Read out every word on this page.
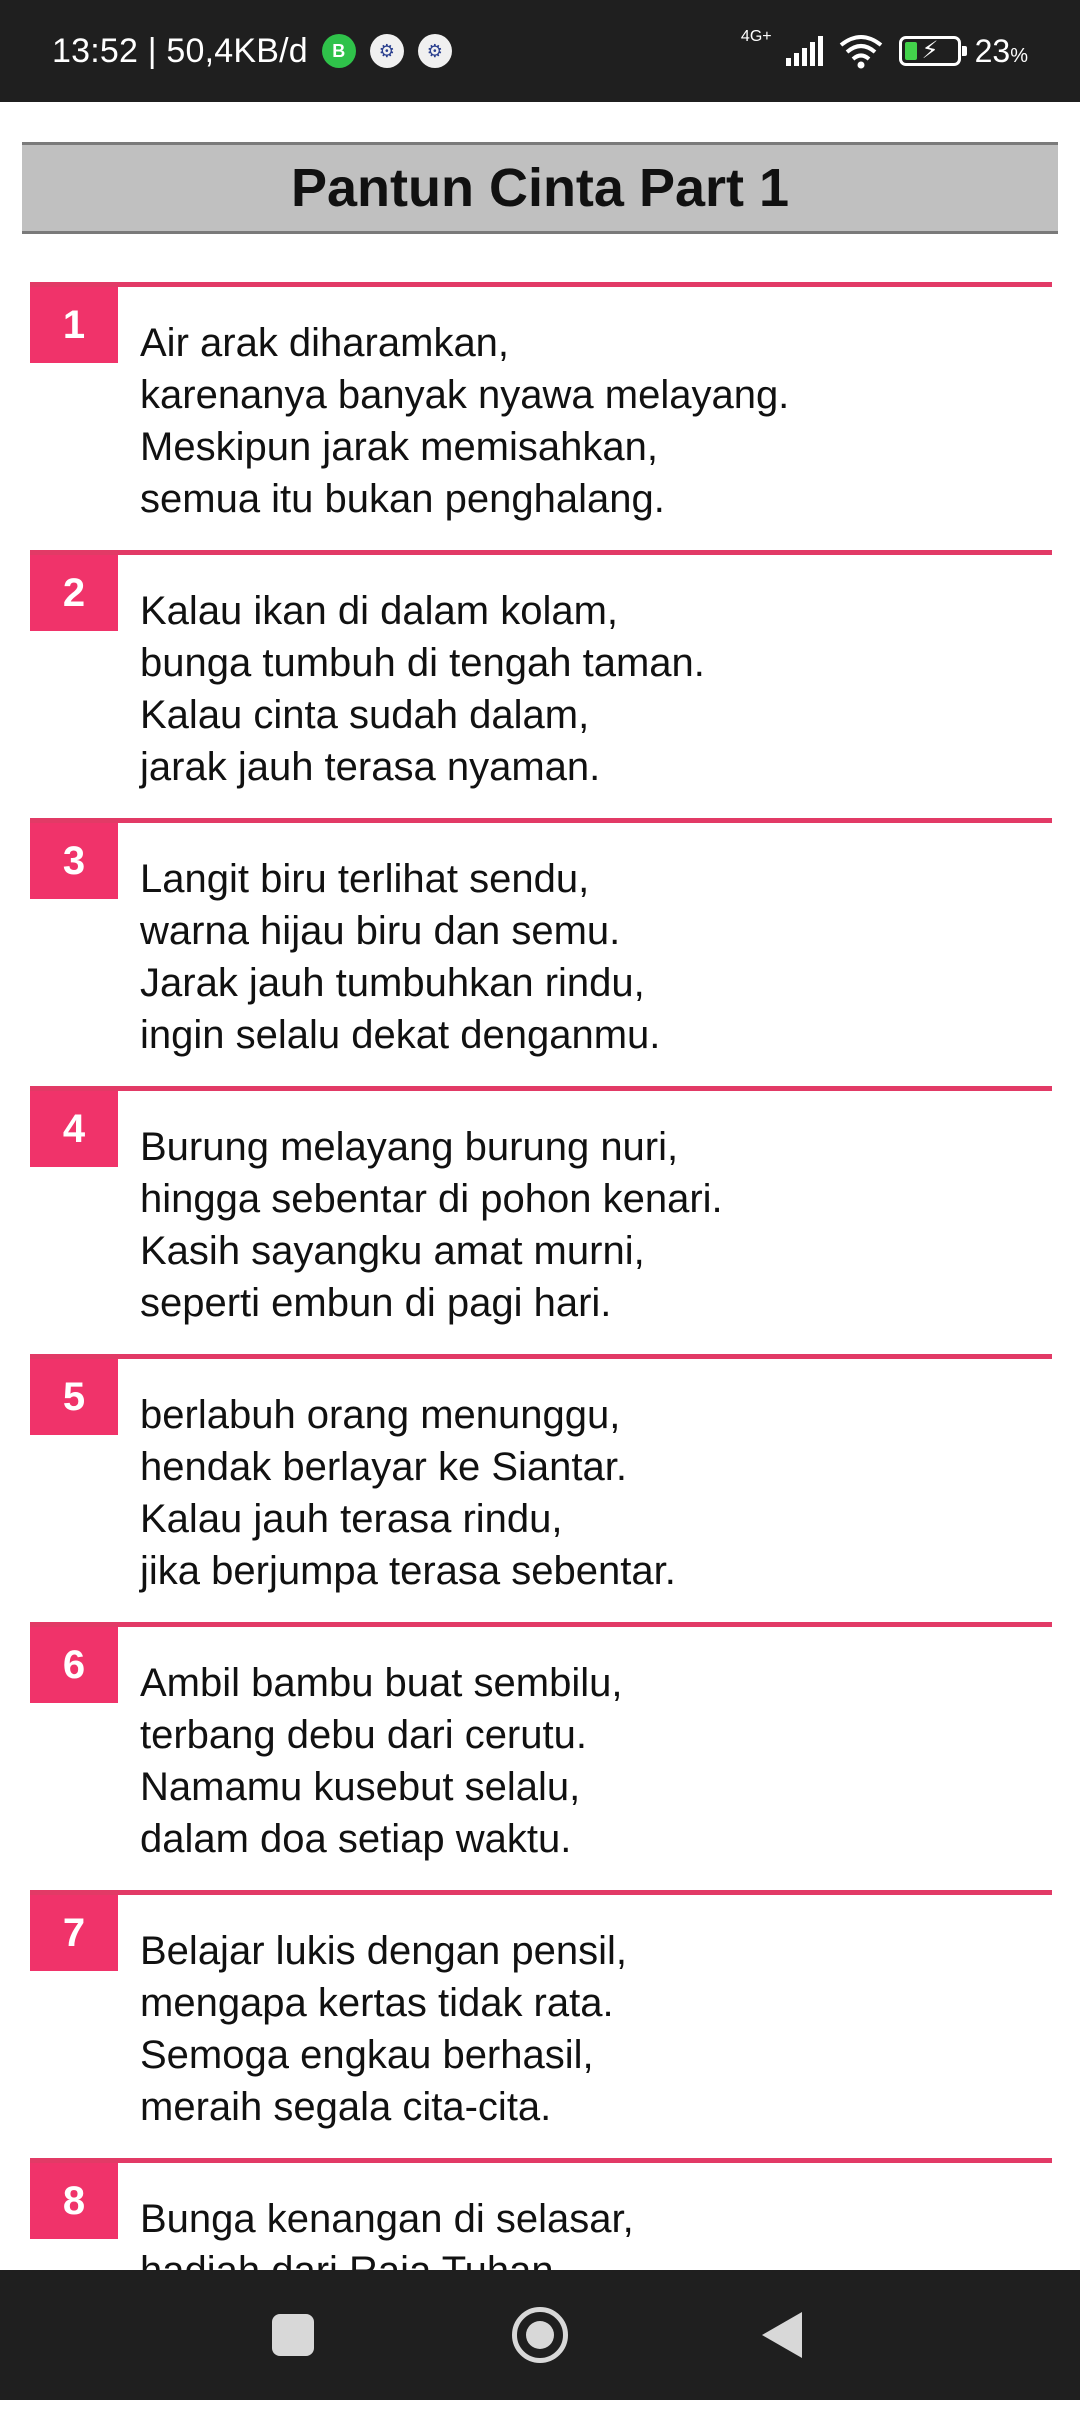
13:52 | 50,4KB/d	B	⚙	⚙
4G+
⚡ 23%
Pantun Cinta Part 1
1	Air arak diharamkan,
karenanya banyak nyawa melayang.
Meskipun jarak memisahkan,
semua itu bukan penghalang.
2	Kalau ikan di dalam kolam,
bunga tumbuh di tengah taman.
Kalau cinta sudah dalam,
jarak jauh terasa nyaman.
3	Langit biru terlihat sendu,
warna hijau biru dan semu.
Jarak jauh tumbuhkan rindu,
ingin selalu dekat denganmu.
4	Burung melayang burung nuri,
hingga sebentar di pohon kenari.
Kasih sayangku amat murni,
seperti embun di pagi hari.
5	berlabuh orang menunggu,
hendak berlayar ke Siantar.
Kalau jauh terasa rindu,
jika berjumpa terasa sebentar.
6	Ambil bambu buat sembilu,
terbang debu dari cerutu.
Namamu kusebut selalu,
dalam doa setiap waktu.
7	Belajar lukis dengan pensil,
mengapa kertas tidak rata.
Semoga engkau berhasil,
meraih segala cita-cita.
8	Bunga kenangan di selasar,
